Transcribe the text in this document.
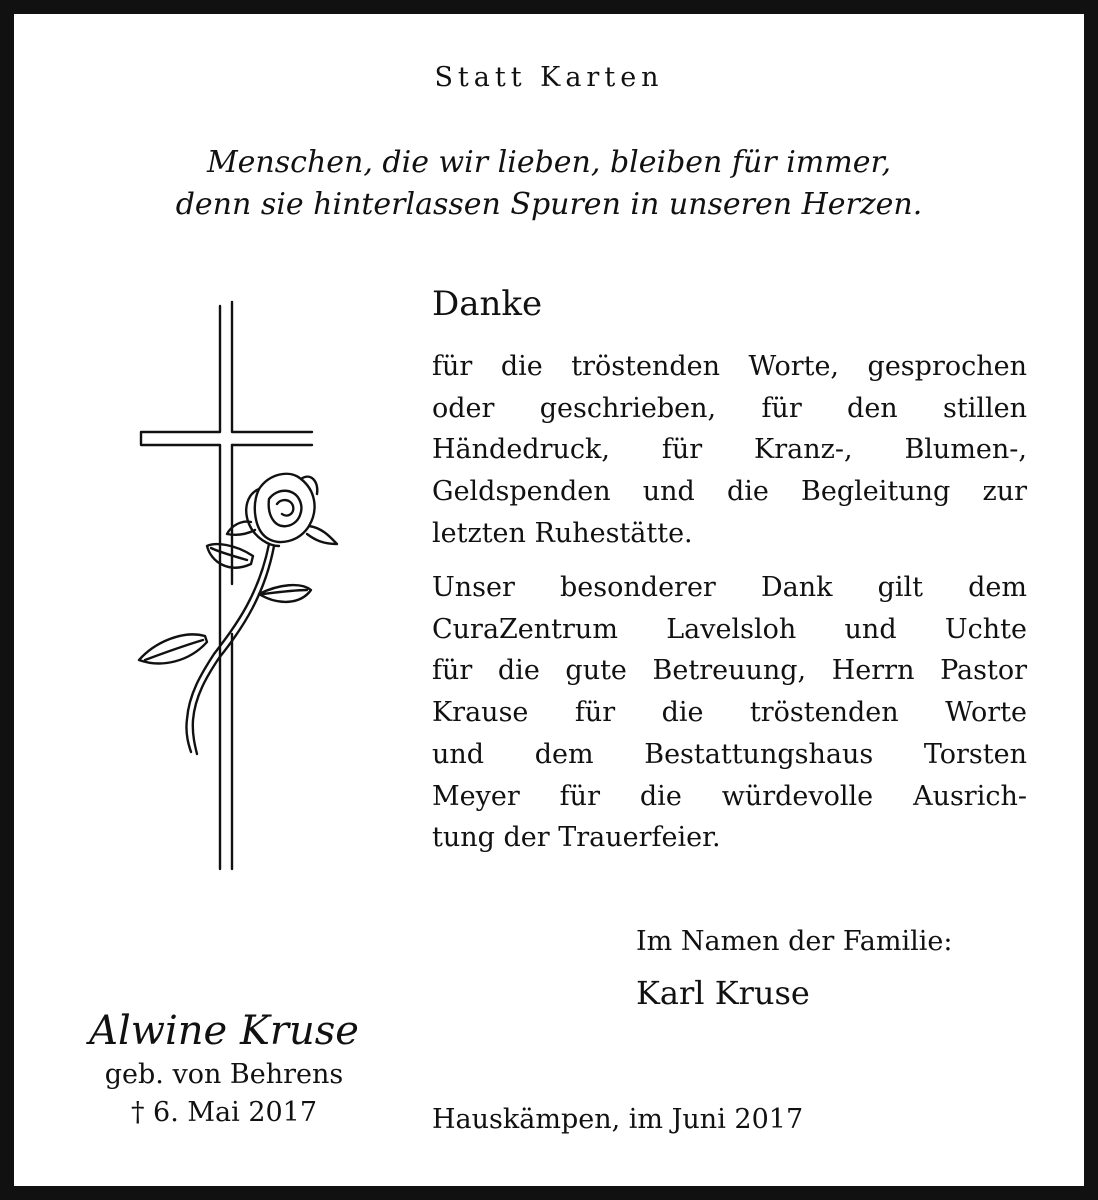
Statt Karten

Menschen, die wir lieben, bleiben für immer,
denn sie hinterlassen Spuren in unseren Herzen.
Danke
für die tröstenden Worte, gesprochen
oder geschrieben, für den stillen
Händedruck, für Kranz-, Blumen-,
Geldspenden und die Begleitung zur
letzten Ruhestätte.
Unser besonderer Dank gilt dem
CuraZentrum Lavelsloh und Uchte
für die gute Betreuung, Herrn Pastor
Krause für die tröstenden Worte
und dem Bestattungshaus Torsten
Meyer für die würdevolle Ausrich-
tung der Trauerfeier.

Im Namen der Familie:

Karl Kruse

Alwine Kruse
geb. von Behrens
† 6. Mai 2017	Hauskämpen, im Juni 2017
